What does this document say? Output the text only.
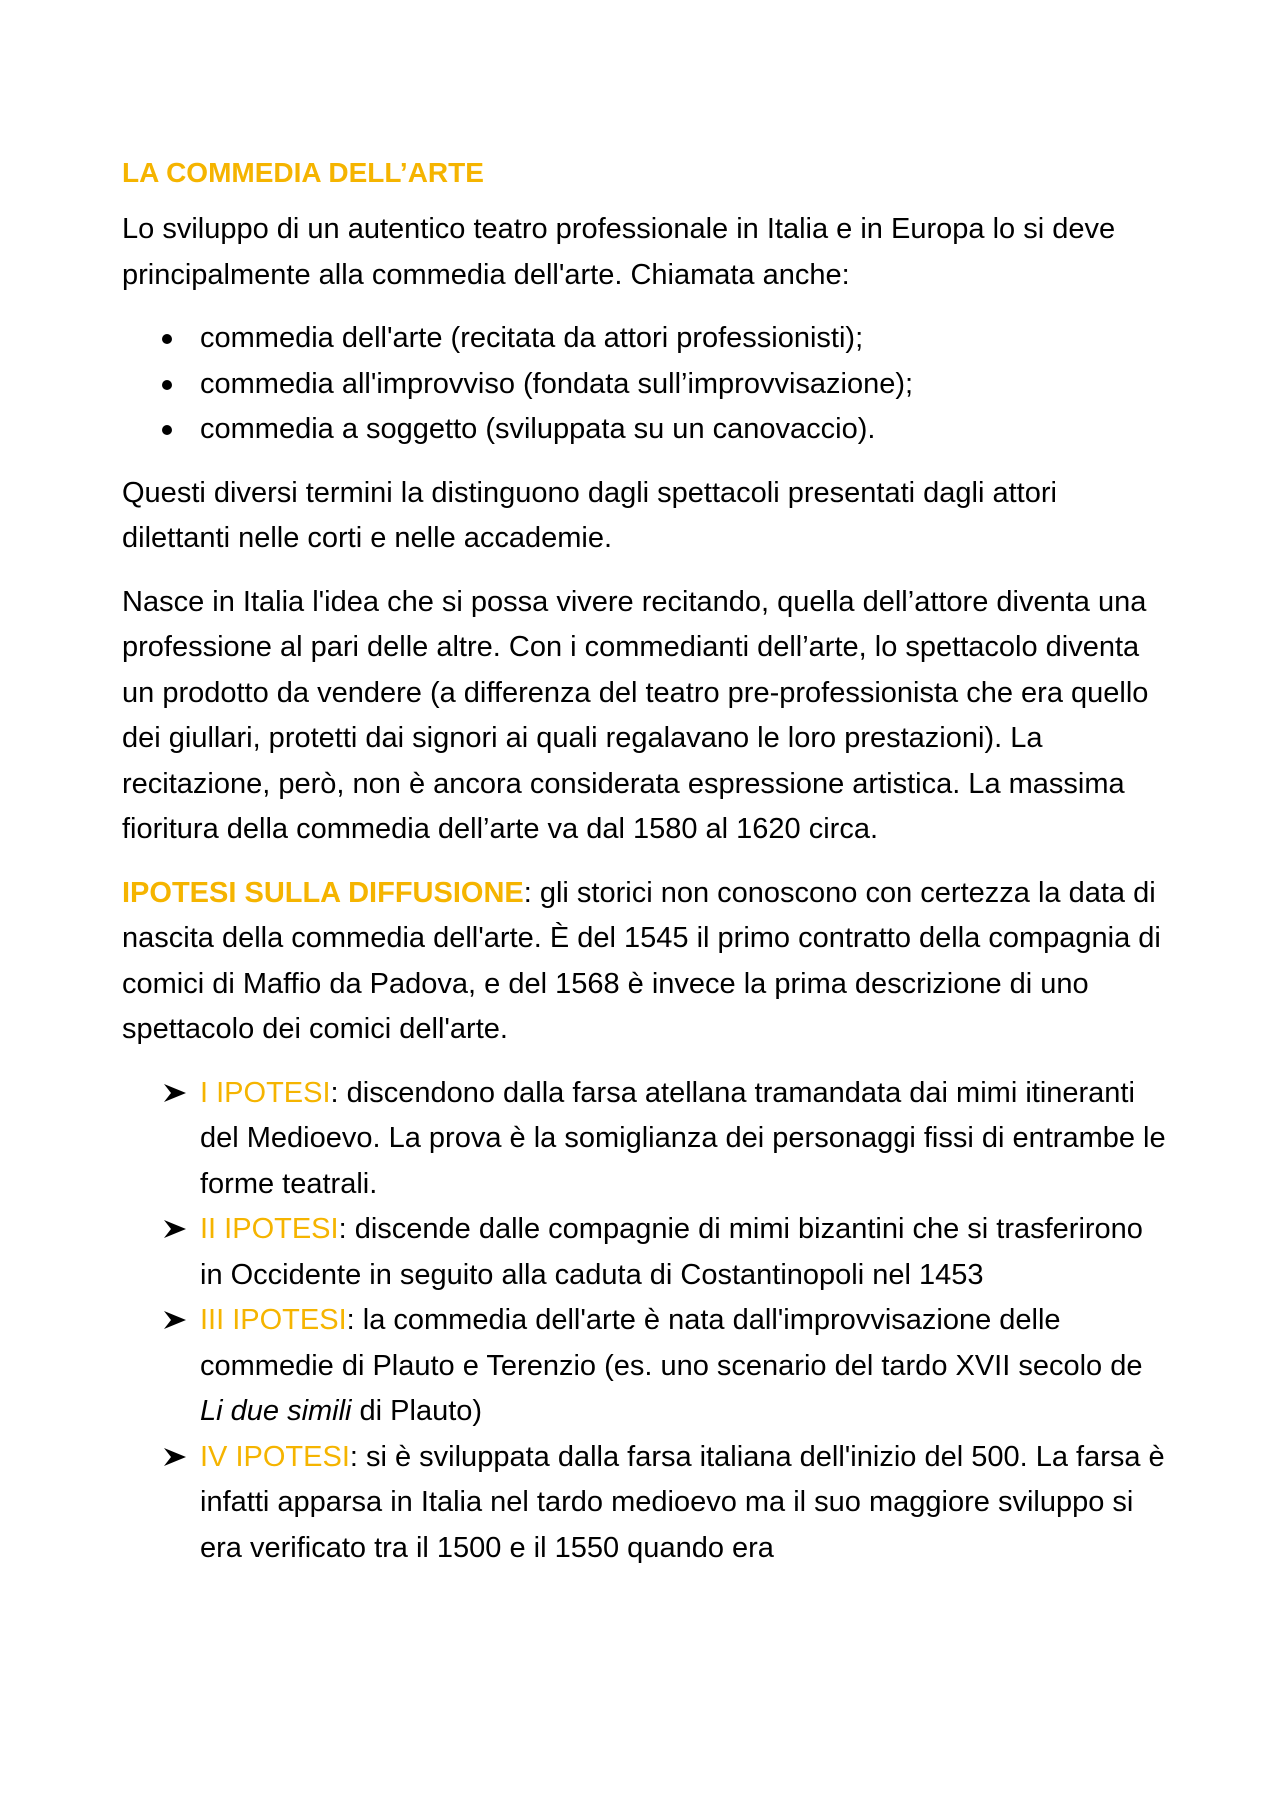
LA COMMEDIA DELL’ARTE

Lo sviluppo di un autentico teatro professionale in Italia e in Europa lo si deve principalmente alla commedia dell'arte. Chiamata anche:

commedia dell'arte (recitata da attori professionisti);
commedia all'improvviso (fondata sull’improvvisazione);
commedia a soggetto (sviluppata su un canovaccio).

Questi diversi termini la distinguono dagli spettacoli presentati dagli attori dilettanti nelle corti e nelle accademie.

Nasce in Italia l'idea che si possa vivere recitando, quella dell’attore diventa una professione al pari delle altre. Con i commedianti dell’arte, lo spettacolo diventa un prodotto da vendere (a differenza del teatro pre-professionista che era quello dei giullari, protetti dai signori ai quali regalavano le loro prestazioni). La recitazione, però, non è ancora considerata espressione artistica. La massima fioritura della commedia dell’arte va dal 1580 al 1620 circa.

IPOTESI SULLA DIFFUSIONE: gli storici non conoscono con certezza la data di nascita della commedia dell'arte. È del 1545 il primo contratto della compagnia di comici di Maffio da Padova, e del 1568 è invece la prima descrizione di uno spettacolo dei comici dell'arte.

I IPOTESI: discendono dalla farsa atellana tramandata dai mimi itineranti del Medioevo. La prova è la somiglianza dei personaggi fissi di entrambe le forme teatrali.
II IPOTESI: discende dalle compagnie di mimi bizantini che si trasferirono in Occidente in seguito alla caduta di Costantinopoli nel 1453
III IPOTESI: la commedia dell'arte è nata dall'improvvisazione delle commedie di Plauto e Terenzio (es. uno scenario del tardo XVII secolo de Li due simili di Plauto)
IV IPOTESI: si è sviluppata dalla farsa italiana dell'inizio del 500. La farsa è infatti apparsa in Italia nel tardo medioevo ma il suo maggiore sviluppo si era verificato tra il 1500 e il 1550 quando era
